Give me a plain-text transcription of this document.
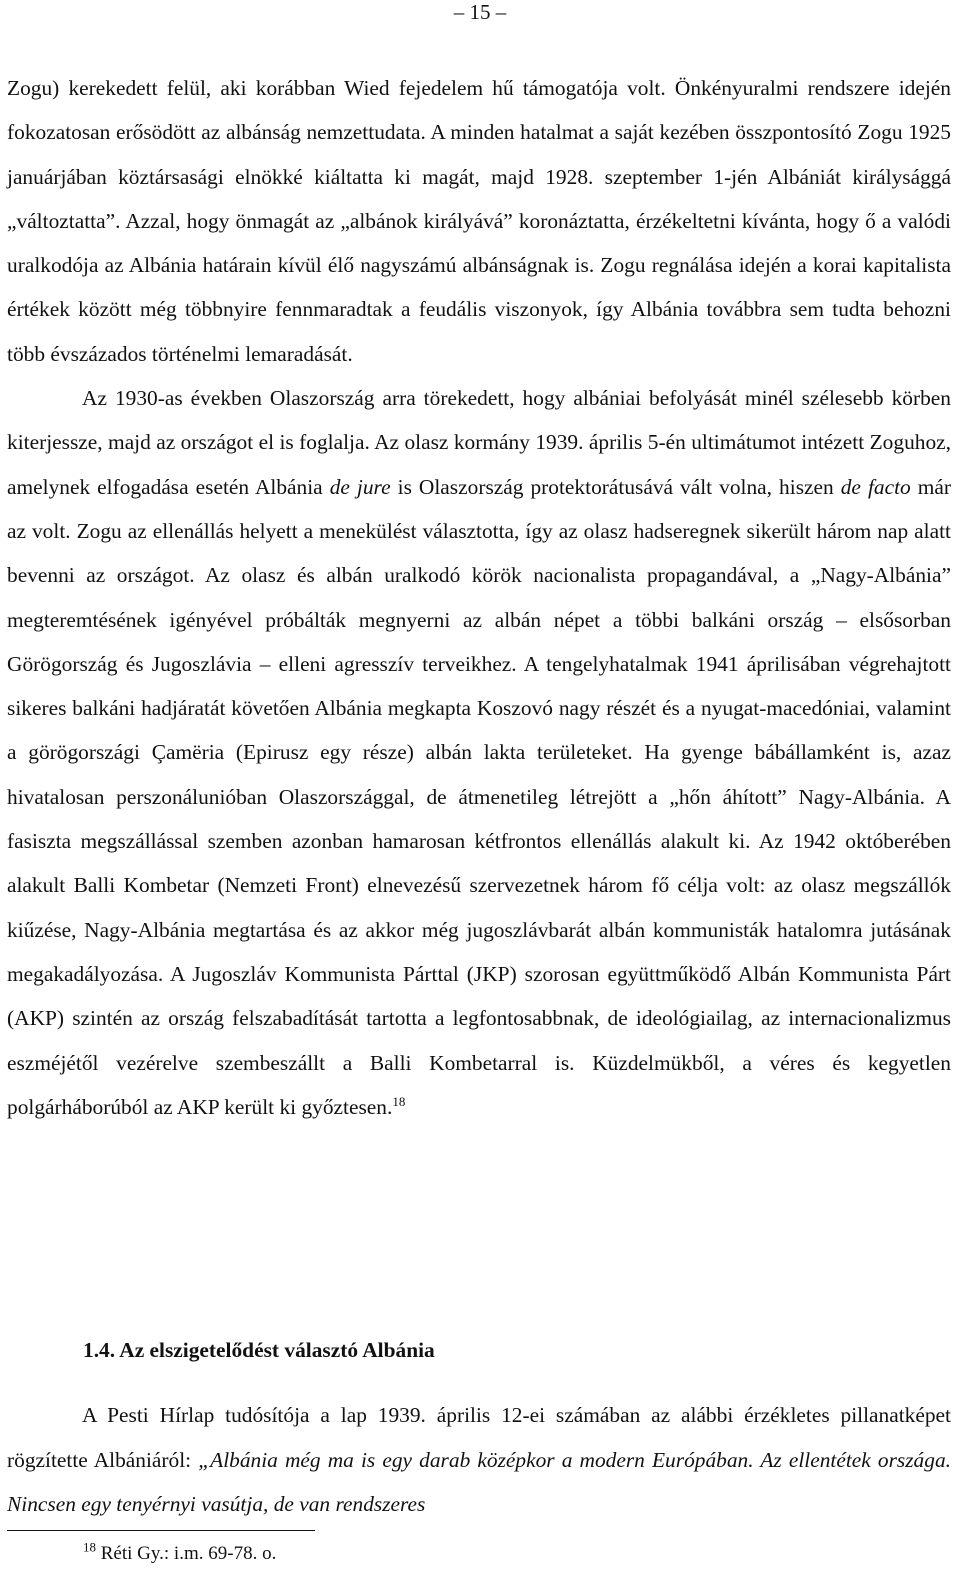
– 15 –

Zogu) kerekedett felül, aki korábban Wied fejedelem hű támogatója volt. Önkényuralmi rendszere idején fokozatosan erősödött az albánság nemzettudata. A minden hatalmat a saját kezében összpontosító Zogu 1925 januárjában köztársasági elnökké kiáltatta ki magát, majd 1928. szeptember 1-jén Albániát királysággá „változtatta”. Azzal, hogy önmagát az „albánok királyává” koronáztatta, érzékeltetni kívánta, hogy ő a valódi uralkodója az Albánia határain kívül élő nagyszámú albánságnak is. Zogu regnálása idején a korai kapitalista értékek között még többnyire fennmaradtak a feudális viszonyok, így Albánia továbbra sem tudta behozni több évszázados történelmi lemaradását.

Az 1930-as években Olaszország arra törekedett, hogy albániai befolyását minél szélesebb körben kiterjessze, majd az országot el is foglalja. Az olasz kormány 1939. április 5-én ultimátumot intézett Zoguhoz, amelynek elfogadása esetén Albánia de jure is Olaszország protektorátusává vált volna, hiszen de facto már az volt. Zogu az ellenállás helyett a menekülést választotta, így az olasz hadseregnek sikerült három nap alatt bevenni az országot. Az olasz és albán uralkodó körök nacionalista propagandával, a „Nagy-Albánia” megteremtésének igényével próbálták megnyerni az albán népet a többi balkáni ország – elsősorban Görögország és Jugoszlávia – elleni agresszív terveikhez. A tengelyhatalmak 1941 áprilisában végrehajtott sikeres balkáni hadjáratát követően Albánia megkapta Koszovó nagy részét és a nyugat-macedóniai, valamint a görögországi Çamëria (Epirusz egy része) albán lakta területeket. Ha gyenge bábállamként is, azaz hivatalosan perszonálunióban Olaszországgal, de átmenetileg létrejött a „hőn áhított” Nagy-Albánia. A fasiszta megszállással szemben azonban hamarosan kétfrontos ellenállás alakult ki. Az 1942 októberében alakult Balli Kombetar (Nemzeti Front) elnevezésű szervezetnek három fő célja volt: az olasz megszállók kiűzése, Nagy-Albánia megtartása és az akkor még jugoszlávbarát albán kommunisták hatalomra jutásának megakadályozása. A Jugoszláv Kommunista Párttal (JKP) szorosan együttműködő Albán Kommunista Párt (AKP) szintén az ország felszabadítását tartotta a legfontosabbnak, de ideológiailag, az internacionalizmus eszméjétől vezérelve szembeszállt a Balli Kombetarral is. Küzdelmükből, a véres és kegyetlen polgárháborúból az AKP került ki győztesen.$^{18}$

1.4. Az elszigetelődést választó Albánia

A Pesti Hírlap tudósítója a lap 1939. április 12-ei számában az alábbi érzékletes pillanatképet rögzítette Albániáról: „Albánia még ma is egy darab középkor a modern Európában. Az ellentétek országa. Nincsen egy tenyérnyi vasútja, de van rendszeres

$^{18}$ Réti Gy.: i.m. 69-78. o.
